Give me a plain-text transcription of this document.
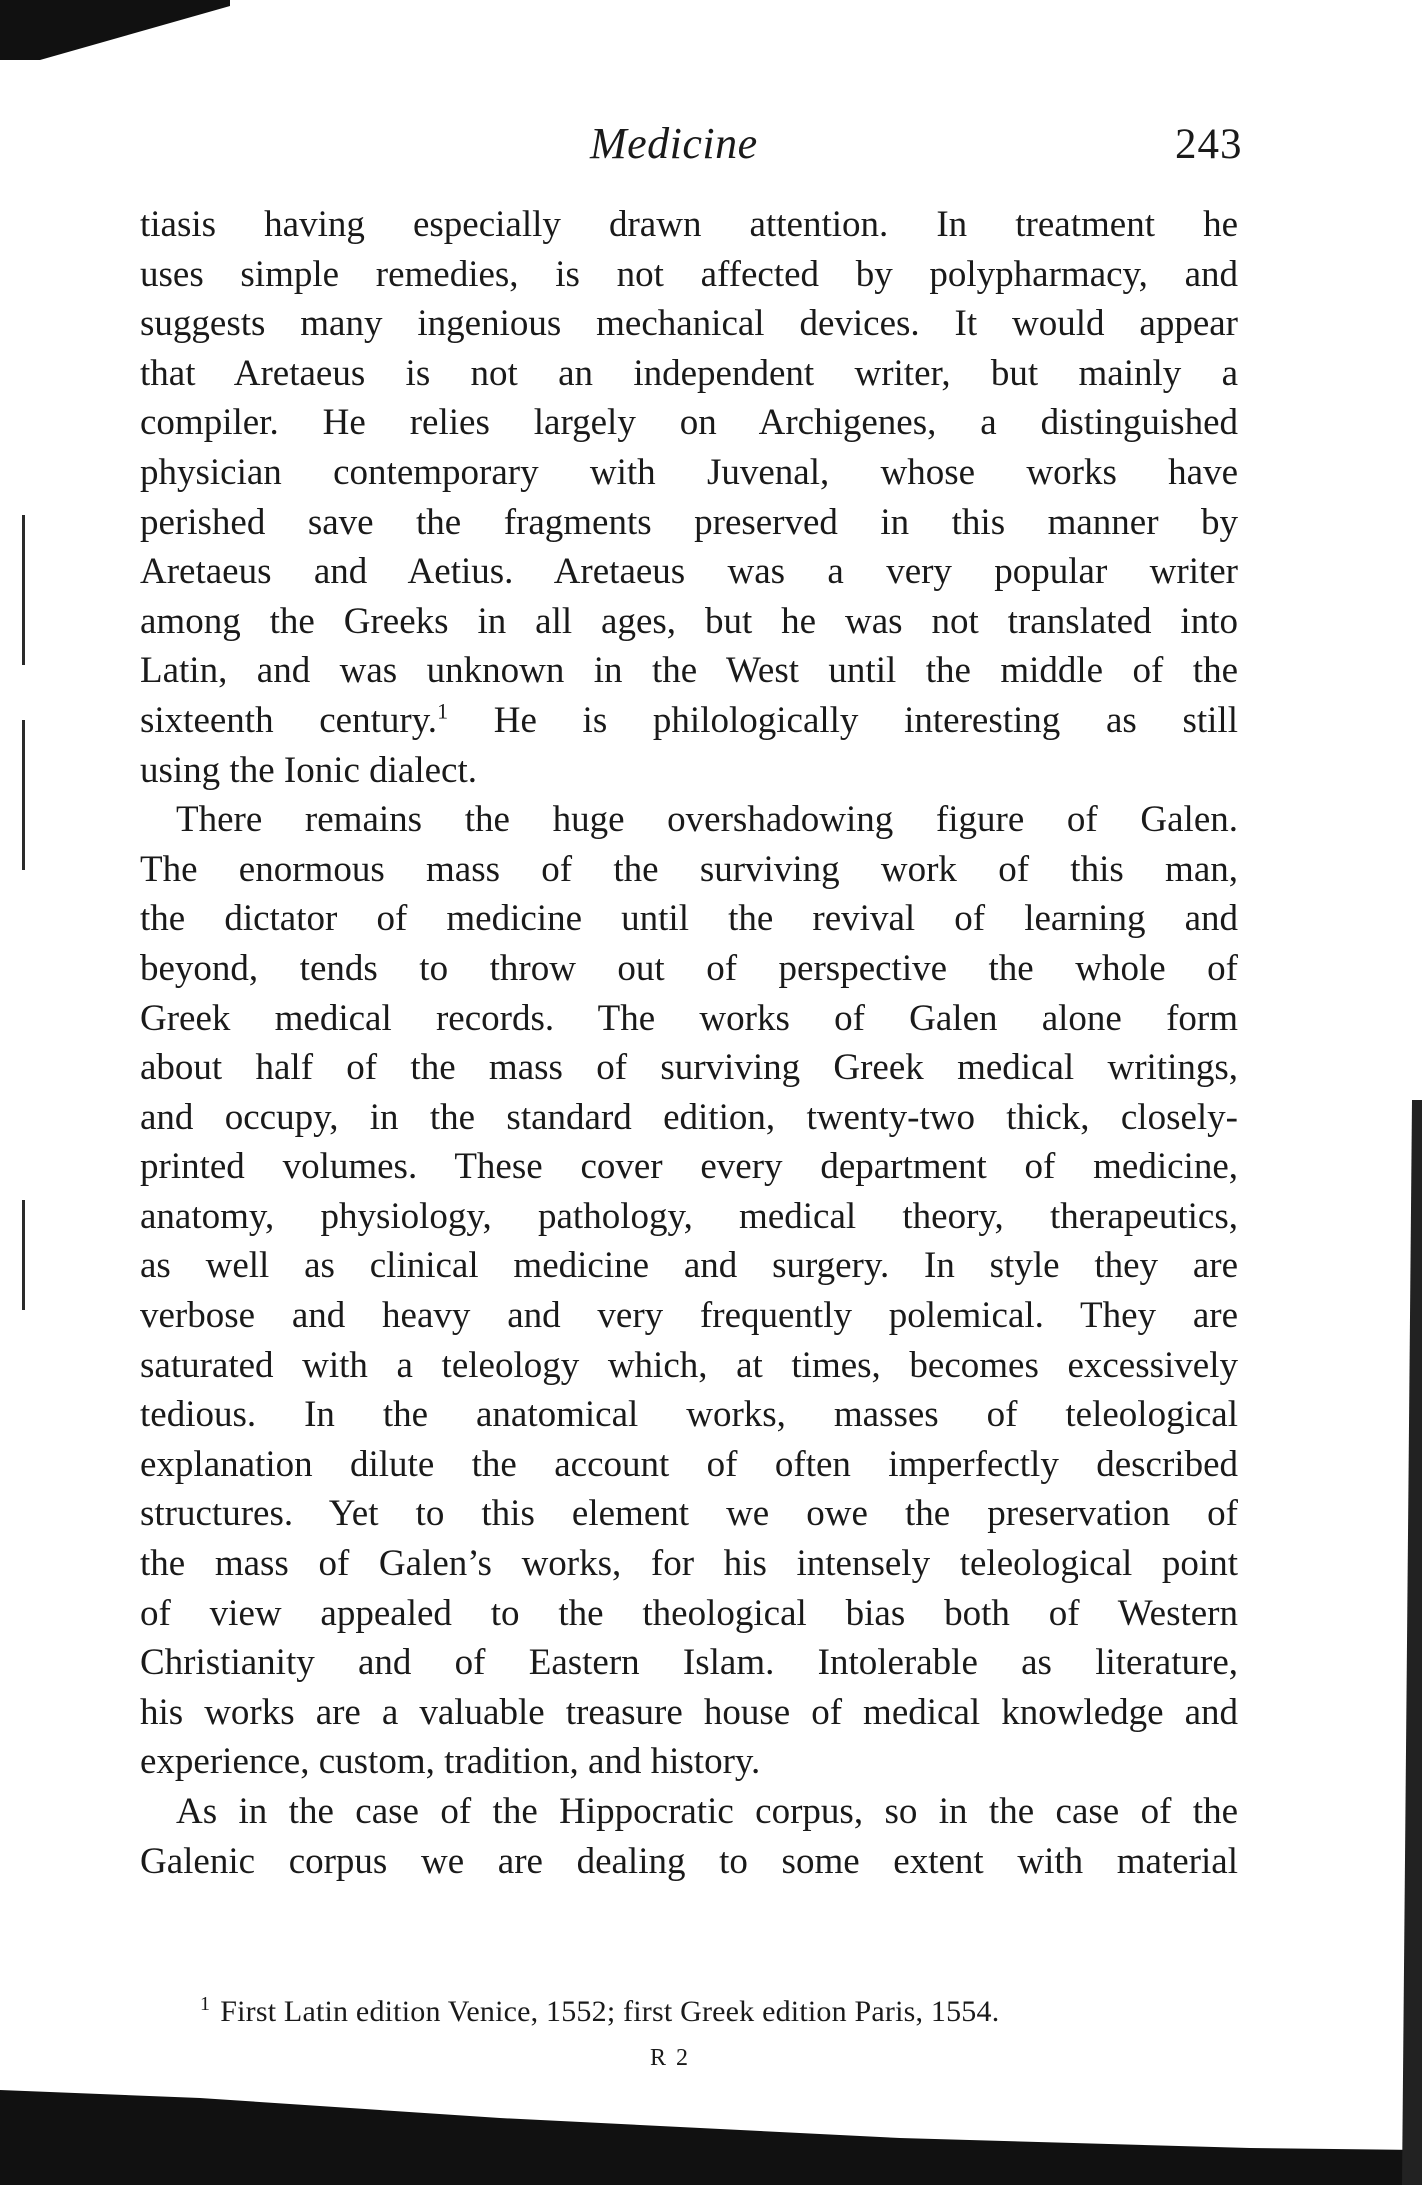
Medicine	243

tiasis having especially drawn attention. In treatment he
uses simple remedies, is not affected by polypharmacy, and
suggests many ingenious mechanical devices. It would appear
that Aretaeus is not an independent writer, but mainly a
compiler. He relies largely on Archigenes, a distinguished
physician contemporary with Juvenal, whose works have
perished save the fragments preserved in this manner by
Aretaeus and Aetius. Aretaeus was a very popular writer
among the Greeks in all ages, but he was not translated into
Latin, and was unknown in the West until the middle of the
sixteenth century.$^1$ He is philologically interesting as still
using the Ionic dialect.

There remains the huge overshadowing figure of Galen.
The enormous mass of the surviving work of this man,
the dictator of medicine until the revival of learning and
beyond, tends to throw out of perspective the whole of
Greek medical records. The works of Galen alone form
about half of the mass of surviving Greek medical writings,
and occupy, in the standard edition, twenty-two thick, closely-
printed volumes. These cover every department of medicine,
anatomy, physiology, pathology, medical theory, therapeutics,
as well as clinical medicine and surgery. In style they are
verbose and heavy and very frequently polemical. They are
saturated with a teleology which, at times, becomes excessively
tedious. In the anatomical works, masses of teleological
explanation dilute the account of often imperfectly described
structures. Yet to this element we owe the preservation of
the mass of Galen’s works, for his intensely teleological point
of view appealed to the theological bias both of Western
Christianity and of Eastern Islam. Intolerable as literature,
his works are a valuable treasure house of medical knowledge and
experience, custom, tradition, and history.

As in the case of the Hippocratic corpus, so in the case of the
Galenic corpus we are dealing to some extent with material

$^1$ First Latin edition Venice, 1552; first Greek edition Paris, 1554.
R 2
